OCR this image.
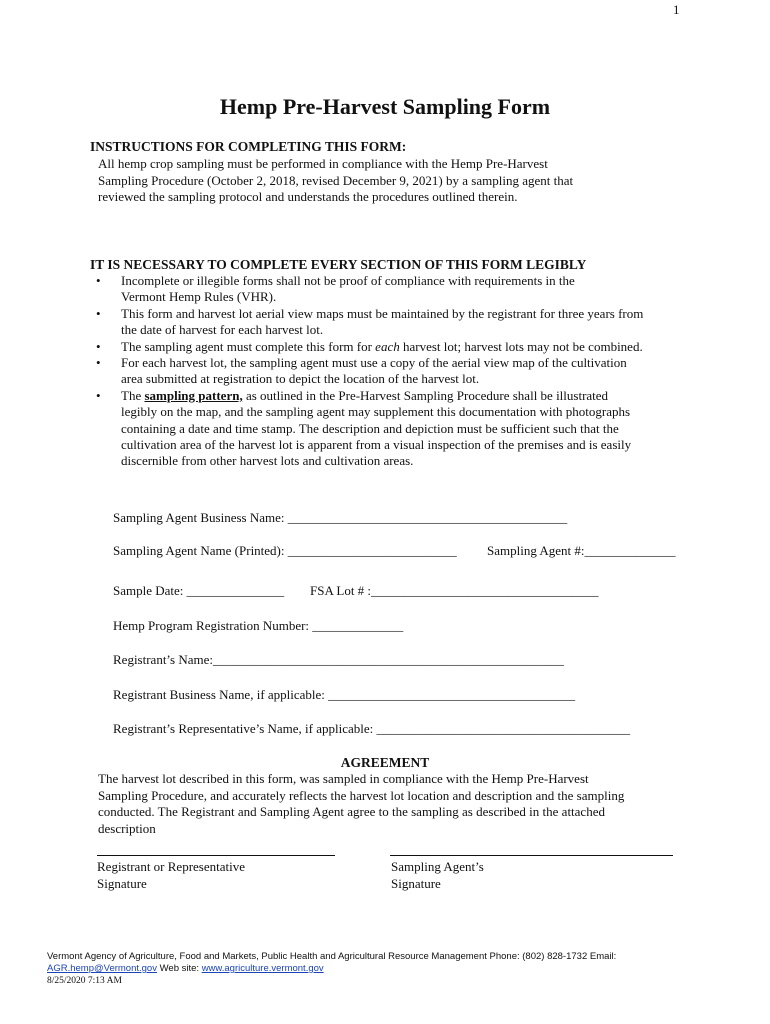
1
Hemp Pre-Harvest Sampling Form
INSTRUCTIONS FOR COMPLETING THIS FORM:
All hemp crop sampling must be performed in compliance with the Hemp Pre-Harvest
Sampling Procedure (October 2, 2018, revised December 9, 2021) by a sampling agent that
reviewed the sampling protocol and understands the procedures outlined therein.
IT IS NECESSARY TO COMPLETE EVERY SECTION OF THIS FORM LEGIBLY
• Incomplete or illegible forms shall not be proof of compliance with requirements in the
Vermont Hemp Rules (VHR).
• This form and harvest lot aerial view maps must be maintained by the registrant for three years from
the date of harvest for each harvest lot.
• The sampling agent must complete this form for each harvest lot; harvest lots may not be combined.
• For each harvest lot, the sampling agent must use a copy of the aerial view map of the cultivation
area submitted at registration to depict the location of the harvest lot.
• The sampling pattern, as outlined in the Pre-Harvest Sampling Procedure shall be illustrated
legibly on the map, and the sampling agent may supplement this documentation with photographs
containing a date and time stamp. The description and depiction must be sufficient such that the
cultivation area of the harvest lot is apparent from a visual inspection of the premises and is easily
discernible from other harvest lots and cultivation areas.
Sampling Agent Business Name: ___________________________________________
Sampling Agent Name (Printed): __________________________ Sampling Agent #:______________
Sample Date: _______________ FSA Lot # :___________________________________
Hemp Program Registration Number: ______________
Registrant’s Name:______________________________________________________
Registrant Business Name, if applicable: ______________________________________
Registrant’s Representative’s Name, if applicable: _______________________________________
AGREEMENT
The harvest lot described in this form, was sampled in compliance with the Hemp Pre-Harvest
Sampling Procedure, and accurately reflects the harvest lot location and description and the sampling
conducted. The Registrant and Sampling Agent agree to the sampling as described in the attached
description
Registrant or Representative
Signature
Sampling Agent’s
Signature
Vermont Agency of Agriculture, Food and Markets, Public Health and Agricultural Resource Management Phone: (802) 828-1732 Email:
AGR.hemp@Vermont.gov Web site: www.agriculture.vermont.gov
8/25/2020 7:13 AM
